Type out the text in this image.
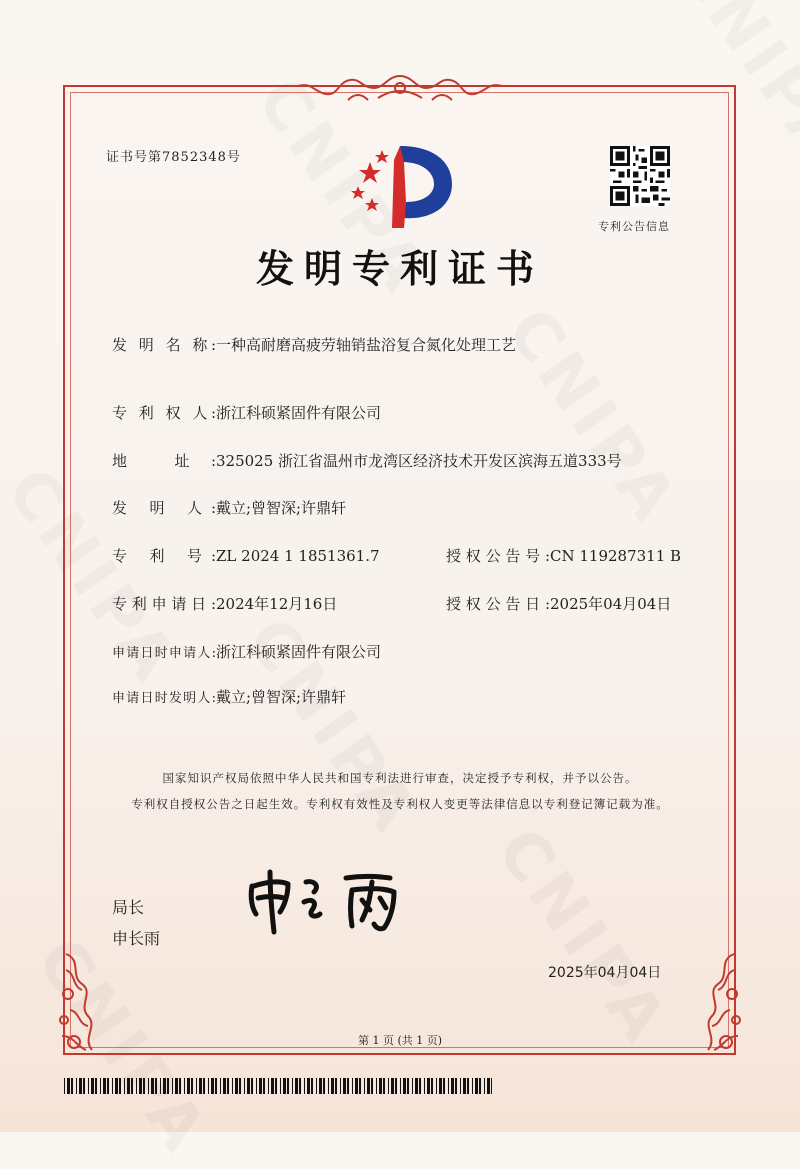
证书号第7852348号
专利公告信息
发明专利证书
发 明 名 称:一种高耐磨高疲劳轴销盐浴复合氮化处理工艺
专 利 权 人:浙江科硕紧固件有限公司
地 址:325025 浙江省温州市龙湾区经济技术开发区滨海五道333号
发 明 人:戴立;曾智深;许鼎轩
专 利 号:ZL 2024 1 1851361.7	授权公告号:CN 119287311 B
专利申请日:2024年12月16日	授权公告日:2025年04月04日
申请日时申请人:浙江科硕紧固件有限公司
申请日时发明人:戴立;曾智深;许鼎轩
国家知识产权局依照中华人民共和国专利法进行审查，决定授予专利权，并予以公告。
专利权自授权公告之日起生效。专利权有效性及专利权人变更等法律信息以专利登记簿记载为准。
局长
申长雨
2025年04月04日
第 1 页 (共 1 页)
